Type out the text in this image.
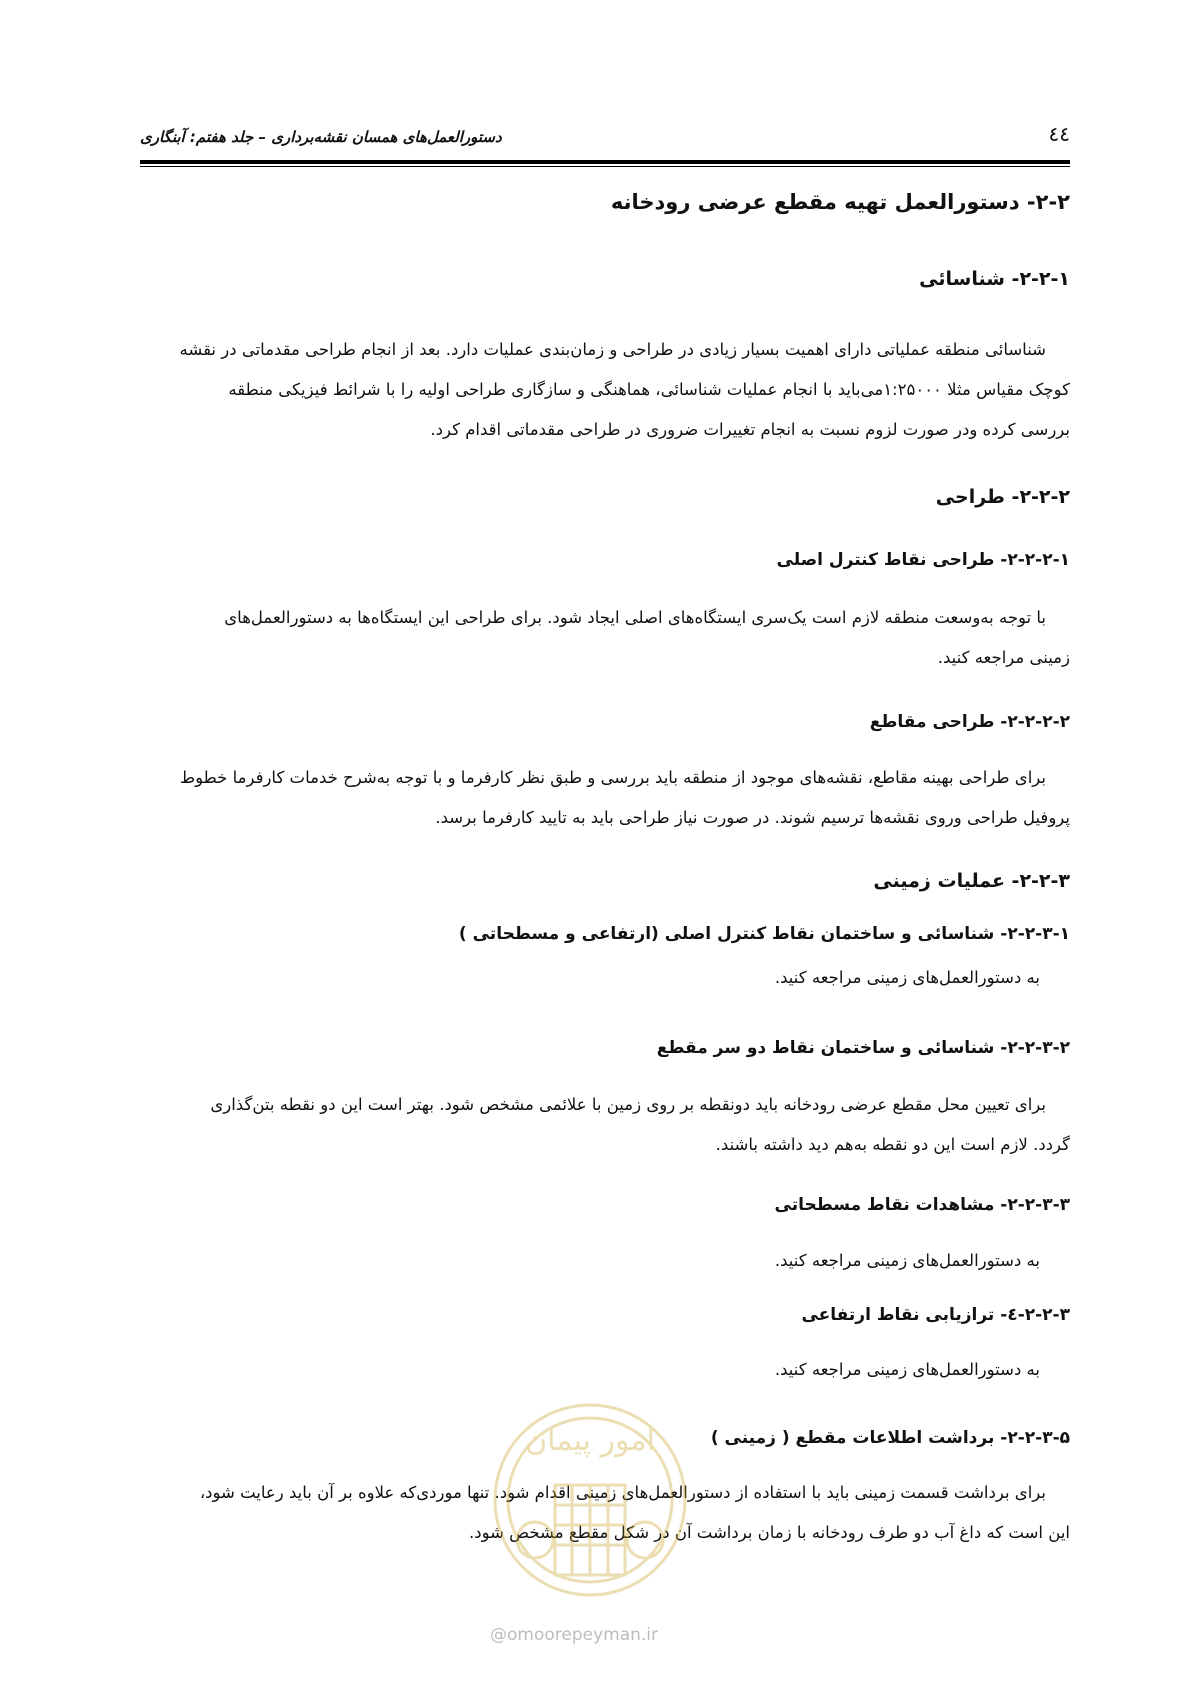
٤٤
دستورالعمل‌های همسان نقشه‌برداری – جلد هفتم: آبنگاری
۲-۲- دستورالعمل تهیه مقطع عرضی رودخانه
۲-۲-۱- شناسائی
شناسائی منطقه عملیاتی دارای اهمیت بسیار زیادی در طراحی و زمان‌بندی عملیات دارد. بعد از انجام طراحی مقدماتی در نقشه
کوچک مقیاس مثلا ۱:۲۵۰۰۰می‌باید با انجام عملیات شناسائی، هماهنگی و سازگاری طراحی اولیه را با شرائط فیزیکی منطقه
بررسی کرده ودر صورت لزوم نسبت به انجام تغییرات ضروری در طراحی مقدماتی اقدام کرد.
۲-۲-۲- طراحی
۲-۲-۲-۱- طراحی نقاط کنترل اصلی
با توجه به‌وسعت منطقه لازم است یک‌سری ایستگاه‌های اصلی ایجاد شود. برای طراحی این ایستگاه‌ها به دستورالعمل‌های
زمینی مراجعه کنید.
۲-۲-۲-۲- طراحی مقاطع
برای طراحی بهینه مقاطع، نقشه‌های موجود از منطقه باید بررسی و طبق نظر کارفرما و با توجه به‌شرح خدمات کارفرما خطوط
پروفیل طراحی وروی نقشه‌ها ترسیم شوند. در صورت نیاز طراحی باید به تایید کارفرما برسد.
۲-۲-۳- عملیات زمینی
۲-۲-۳-۱- شناسائی و ساختمان نقاط کنترل اصلی (ارتفاعی و مسطحاتی )
به دستورالعمل‌های زمینی مراجعه کنید.
۲-۲-۳-۲- شناسائی و ساختمان نقاط دو سر مقطع
برای تعیین محل مقطع عرضی رودخانه باید دونقطه بر روی زمین با علائمی مشخص شود. بهتر است این دو نقطه بتن‌گذاری
گردد. لازم است این دو نقطه به‌هم دید داشته باشند.
۲-۲-۳-۳- مشاهدات نقاط مسطحاتی
به دستورالعمل‌های زمینی مراجعه کنید.
۲-۲-۳-٤- ترازیابی نقاط ارتفاعی
به دستورالعمل‌های زمینی مراجعه کنید.
۲-۲-۳-۵- برداشت اطلاعات مقطع ( زمینی )
برای برداشت قسمت زمینی باید با استفاده از دستورالعمل‌های زمینی اقدام شود. تنها موردی‌که علاوه بر آن باید رعایت شود،
این است که داغ آب دو طرف رودخانه با زمان برداشت آن در شکل مقطع مشخص شود.
امور پیمان
@omoorepeyman.ir
